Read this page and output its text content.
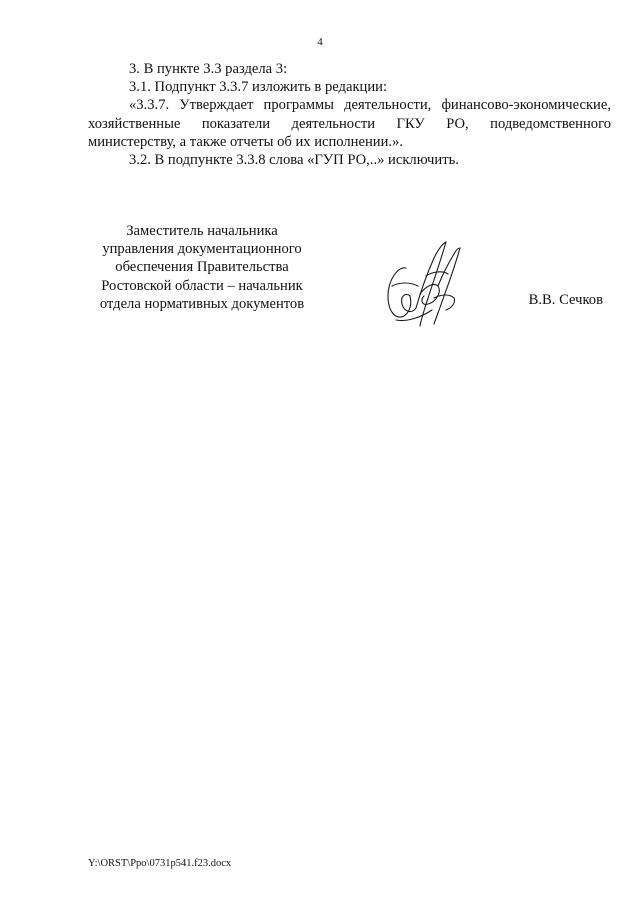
4

3. В пункте 3.3 раздела 3:

3.1. Подпункт 3.3.7 изложить в редакции:

«3.3.7. Утверждает программы деятельности, финансово-экономические, хозяйственные показатели деятельности ГКУ РО, подведомственного министерству, а также отчеты об их исполнении.».

3.2. В подпункте 3.3.8 слова «ГУП РО,..» исключить.

Заместитель начальника
управления документационного
обеспечения Правительства
Ростовской области – начальник
отдела нормативных документов	В.В. Сечков
Y:\ORST\Ppo\0731p541.f23.docx
